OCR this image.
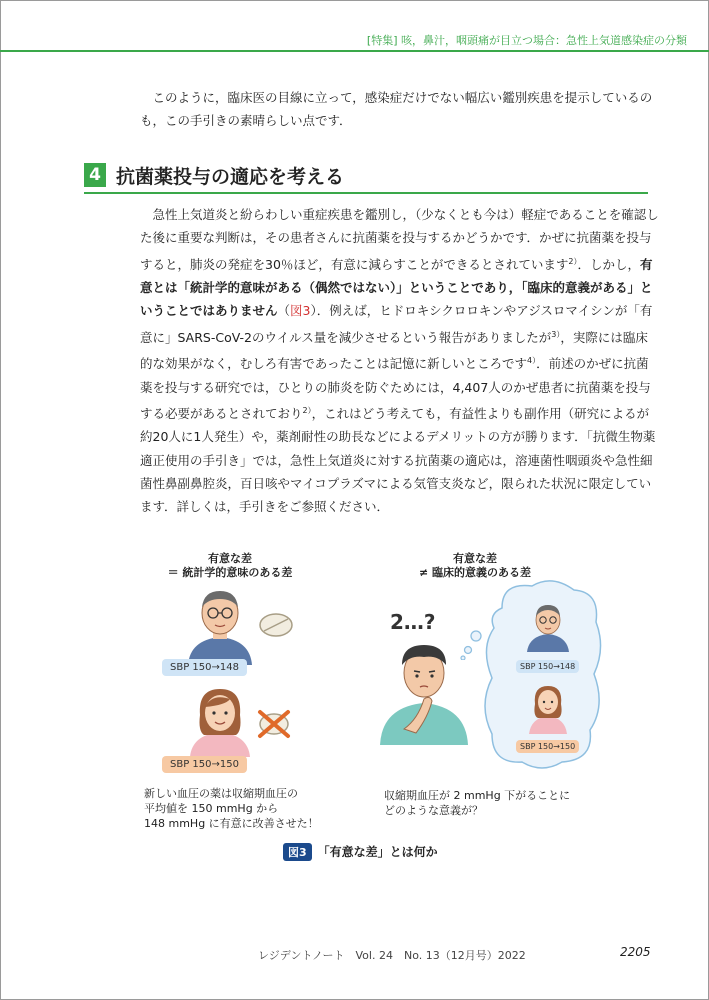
[特集] 咳，鼻汁，咽頭痛が目立つ場合：急性上気道感染症の分類

このように，臨床医の目線に立って，感染症だけでない幅広い鑑別疾患を提示しているのも，この手引きの素晴らしい点です．

4 抗菌薬投与の適応を考える

急性上気道炎と紛らわしい重症疾患を鑑別し，（少なくとも今は）軽症であることを確認した後に重要な判断は，その患者さんに抗菌薬を投与するかどうかです．かぜに抗菌薬を投与すると，肺炎の発症を30％ほど，有意に減らすことができるとされています$^{2)}$．しかし，有意とは「統計学的意味がある（偶然ではない）」ということであり，「臨床的意義がある」ということではありません（図3）．例えば，ヒドロキシクロロキンやアジスロマイシンが「有意に」SARS-CoV-2のウイルス量を減少させるという報告がありましたが$^{3)}$，実際には臨床的な効果がなく，むしろ有害であったことは記憶に新しいところです$^{4)}$．前述のかぜに抗菌薬を投与する研究では，ひとりの肺炎を防ぐためには，4,407人のかぜ患者に抗菌薬を投与する必要があるとされており$^{2)}$，これはどう考えても，有益性よりも副作用（研究によるが約20人に1人発生）や，薬剤耐性の助長などによるデメリットの方が勝ります．「抗微生物薬適正使用の手引き」では，急性上気道炎に対する抗菌薬の適応は，溶連菌性咽頭炎や急性細菌性鼻副鼻腔炎，百日咳やマイコプラズマによる気管支炎など，限られた状況に限定しています．詳しくは，手引きをご参照ください．

有意な差
＝ 統計学的意味のある差
有意な差
≠ 臨床的意義のある差
SBP 150→148
SBP 150→150
新しい血圧の薬は収縮期血圧の
平均値を 150 mmHg から
148 mmHg に有意に改善させた！
2…?
SBP 150→148
SBP 150→150
収縮期血圧が 2 mmHg 下がることに
どのような意義が？
図3 「有意な差」とは何か
レジデントノート　Vol. 24　No. 13（12月号）2022	2205
